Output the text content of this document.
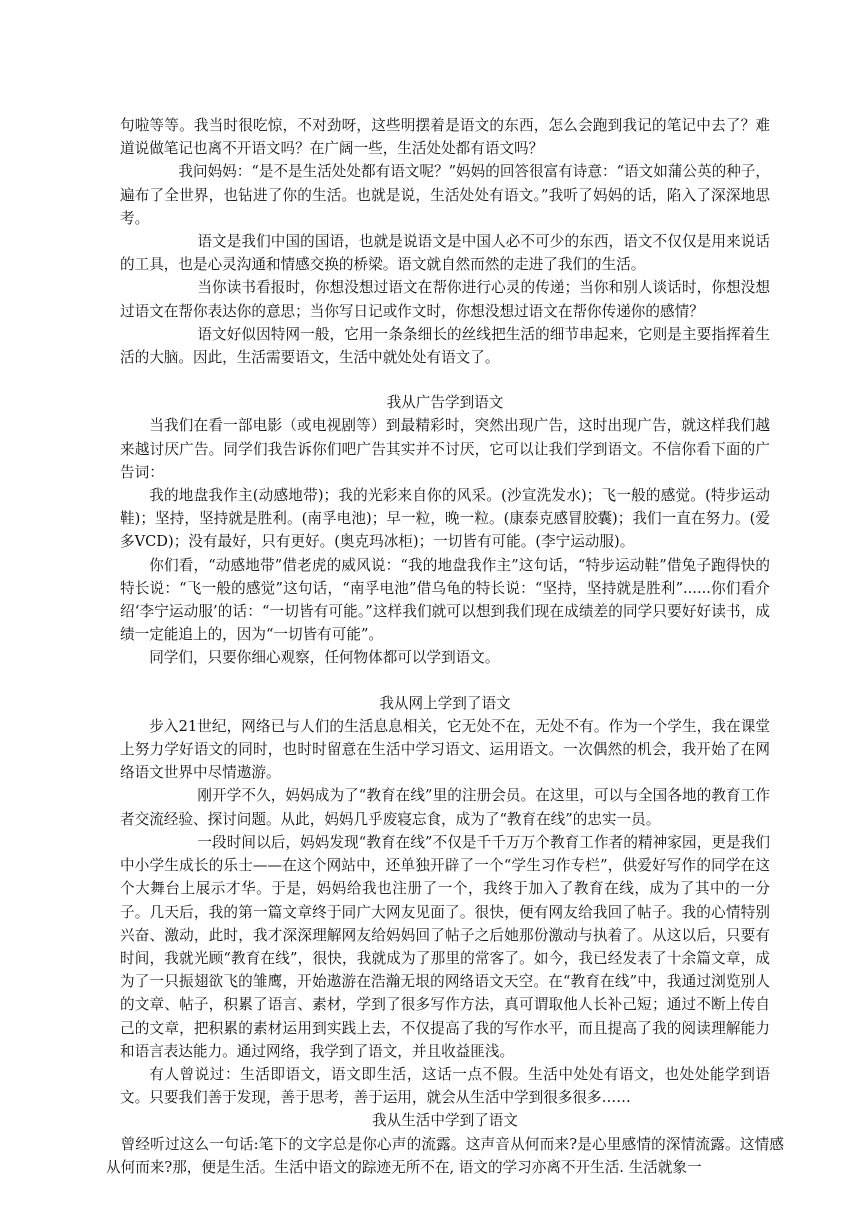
句啦等等。我当时很吃惊，不对劲呀，这些明摆着是语文的东西，怎么会跑到我记的笔记中去了？难道说做笔记也离不开语文吗？在广阔一些，生活处处都有语文吗？

我问妈妈：“是不是生活处处都有语文呢？”妈妈的回答很富有诗意：“语文如蒲公英的种子，遍布了全世界，也钻进了你的生活。也就是说，生活处处有语文。”我听了妈妈的话，陷入了深深地思考。

语文是我们中国的国语，也就是说语文是中国人必不可少的东西，语文不仅仅是用来说话的工具，也是心灵沟通和情感交换的桥梁。语文就自然而然的走进了我们的生活。

当你读书看报时，你想没想过语文在帮你进行心灵的传递；当你和别人谈话时，你想没想过语文在帮你表达你的意思；当你写日记或作文时，你想没想过语文在帮你传递你的感情？

语文好似因特网一般，它用一条条细长的丝线把生活的细节串起来，它则是主要指挥着生活的大脑。因此，生活需要语文，生活中就处处有语文了。

我从广告学到语文

当我们在看一部电影（或电视剧等）到最精彩时，突然出现广告，这时出现广告，就这样我们越来越讨厌广告。同学们我告诉你们吧广告其实并不讨厌，它可以让我们学到语文。不信你看下面的广告词：

我的地盘我作主(动感地带)；我的光彩来自你的风采。(沙宣洗发水)；飞一般的感觉。(特步运动鞋)；坚持，坚持就是胜利。(南孚电池)；早一粒，晚一粒。(康泰克感冒胶囊)；我们一直在努力。(爱多VCD)；没有最好，只有更好。(奥克玛冰柜)；一切皆有可能。(李宁运动服)。

你们看，“动感地带”借老虎的威风说：“我的地盘我作主”这句话，“特步运动鞋”借兔子跑得快的特长说：“飞一般的感觉”这句话，“南孚电池”借乌龟的特长说：“坚持，坚持就是胜利”......你们看介绍‘李宁运动服’的话：“一切皆有可能。”这样我们就可以想到我们现在成绩差的同学只要好好读书，成绩一定能追上的，因为“一切皆有可能”。

同学们，只要你细心观察，任何物体都可以学到语文。

我从网上学到了语文

步入21世纪，网络已与人们的生活息息相关，它无处不在，无处不有。作为一个学生，我在课堂上努力学好语文的同时，也时时留意在生活中学习语文、运用语文。一次偶然的机会，我开始了在网络语文世界中尽情遨游。

刚开学不久，妈妈成为了“教育在线”里的注册会员。在这里，可以与全国各地的教育工作者交流经验、探讨问题。从此，妈妈几乎废寝忘食，成为了“教育在线”的忠实一员。

一段时间以后，妈妈发现“教育在线”不仅是千千万万个教育工作者的精神家园，更是我们中小学生成长的乐士——在这个网站中，还单独开辟了一个“学生习作专栏”，供爱好写作的同学在这个大舞台上展示才华。于是，妈妈给我也注册了一个，我终于加入了教育在线，成为了其中的一分子。几天后，我的第一篇文章终于同广大网友见面了。很快，便有网友给我回了帖子。我的心情特别兴奋、激动，此时，我才深深理解网友给妈妈回了帖子之后她那份激动与执着了。从这以后，只要有时间，我就光顾“教育在线”，很快，我就成为了那里的常客了。如今，我已经发表了十余篇文章，成为了一只振翅欲飞的雏鹰，开始遨游在浩瀚无垠的网络语文天空。在“教育在线”中，我通过浏览别人的文章、帖子，积累了语言、素材，学到了很多写作方法，真可谓取他人长补己短；通过不断上传自己的文章，把积累的素材运用到实践上去，不仅提高了我的写作水平，而且提高了我的阅读理解能力和语言表达能力。通过网络，我学到了语文，并且收益匪浅。

有人曾说过：生活即语文，语文即生活，这话一点不假。生活中处处有语文，也处处能学到语文。只要我们善于发现，善于思考，善于运用，就会从生活中学到很多很多……

我从生活中学到了语文

曾经听过这么一句话:笔下的文字总是你心声的流露。这声音从何而来?是心里感情的深情流露。这情感从何而来?那，便是生活。生活中语文的踪迹无所不在, 语文的学习亦离不开生活. 生活就象一
